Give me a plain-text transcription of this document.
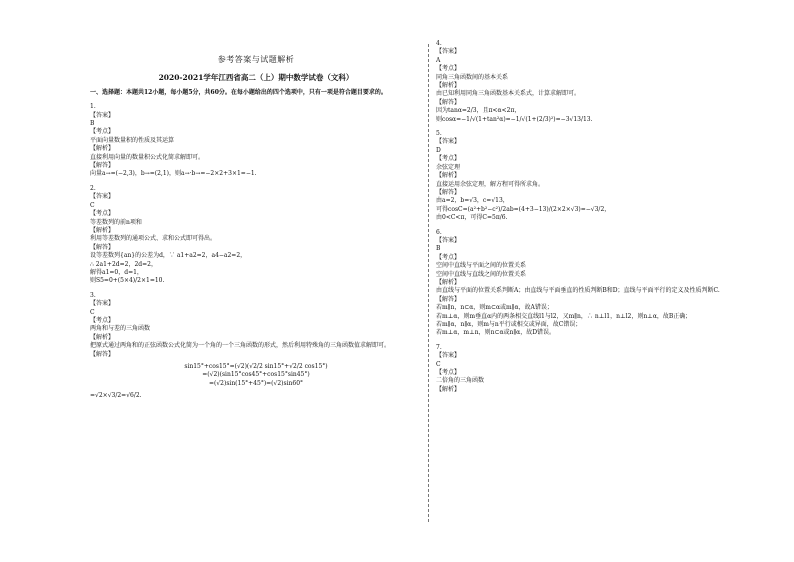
参考答案与试题解析
2020-2021学年江西省高二（上）期中数学试卷（文科）
一、选择题：本题共12小题，每小题5分，共60分。在每小题给出的四个选项中，只有一项是符合题目要求的。
1.
【答案】
B
【考点】
平面向量数量积的性质及其运算
【解析】
直接利用向量的数量积公式化简求解即可。
【解答】
向量a→=(−2,3)，b→=(2,1)，则a→·b→=−2×2+3×1=−1.
2.
【答案】
C
【考点】
等差数列的前n项和
【解析】
利用等差数列的通项公式、求和公式即可得出。
【解答】
设等差数列{an}的公差为d，∵ a1+a2=2，a4−a2=2，
∴ 2a1+2d=2，2d=2，
解得a1=0，d=1，
则S5=0+(5×4)/2×1=10.
3.
【答案】
C
【考点】
两角和与差的三角函数
【解析】
把原式通过两角和的正弦函数公式化简为一个角的一个三角函数的形式，然后利用特殊角的三角函数值求解即可。
【解答】
sin15°+cos15°=(√2)(√2/2 sin15°+√2/2 cos15°)
=(√2)(sin15°cos45°+cos15°sin45°)
=(√2)sin(15°+45°)=(√2)sin60°
=√2×√3/2=√6/2.
4.
【答案】
A
【考点】
同角三角函数间的基本关系
【解析】
由已知利用同角三角函数基本关系式，计算求解即可。
【解答】
因为tanα=2/3，且π<α<2π，
则cosα=−1/√(1+tan²α)=−1/√(1+(2/3)²)=−3√13/13.
5.
【答案】
D
【考点】
余弦定理
【解析】
直接运用余弦定理，解方程可得所求角。
【解答】
由a=2，b=√3，c=√13，
可得cosC=(a²+b²−c²)/2ab=(4+3−13)/(2×2×√3)=−√3/2，
由0<C<π，可得C=5π/6.
6.
【答案】
B
【考点】
空间中直线与平面之间的位置关系
空间中直线与直线之间的位置关系
【解析】
由直线与平面的位置关系判断A；由直线与平面垂直的性质判断B和D；直线与平面平行的定义及性质判断C.
【解答】
若m∥n，n⊂α，则m⊂α或m∥α，故A错误；
若m⊥α，则m垂直α内的两条相交直线l1与l2，又m∥n，∴ n⊥l1，n⊥l2，则n⊥α，故B正确；
若m∥α，n∥α，则m与n平行或相交或异面，故C错误；
若m⊥α，m⊥n，则n⊂α或n∥α，故D错误。
7.
【答案】
C
【考点】
二倍角的三角函数
【解析】
